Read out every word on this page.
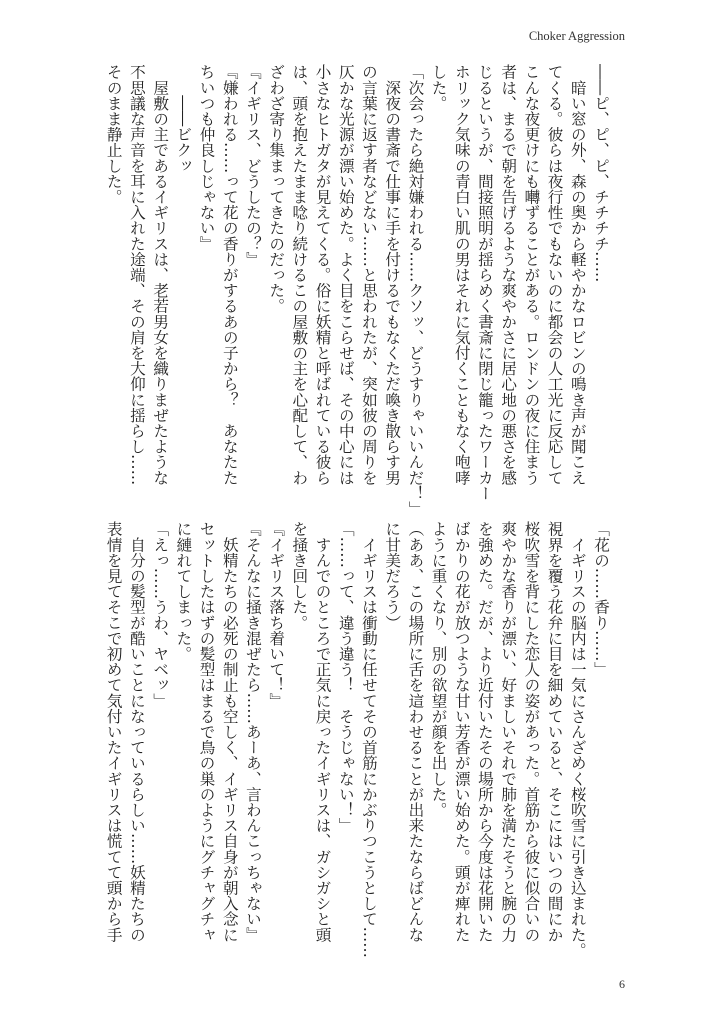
Choker Aggression
――ピ、ピ、ピ、チチチチ……
　暗い窓の外、森の奥から軽やかなロビンの鳴き声が聞こえ
てくる。彼らは夜行性でもないのに都会の人工光に反応して
こんな夜更けにも囀ずることがある。ロンドンの夜に住まう
者は、まるで朝を告げるような爽やかさに居心地の悪さを感
じるというが、間接照明が揺らめく書斎に閉じ籠ったワーカー
ホリック気味の青白い肌の男はそれに気付くこともなく咆哮
した。
「次会ったら絶対嫌われる……クソッ、どうすりゃいいんだ！」
　深夜の書斎で仕事に手を付けるでもなくただ喚き散らす男
の言葉に返す者などない……と思われたが、突如彼の周りを
仄かな光源が漂い始めた。よく目をこらせば、その中心には
小さなヒトガタが見えてくる。俗に妖精と呼ばれている彼ら
は、頭を抱えたまま唸り続けるこの屋敷の主を心配して、わ
ざわざ寄り集まってきたのだった。
『イギリス、どうしたの？』
『嫌われる……って花の香りがするあの子から？　あなたた
ちいつも仲良しじゃない』
　　――ビクッ
　屋敷の主であるイギリスは、老若男女を織りまぜたような
不思議な声音を耳に入れた途端、その肩を大仰に揺らし……
そのまま静止した。
「花の……香り……」
　イギリスの脳内は一気にさんざめく桜吹雪に引き込まれた。
視界を覆う花弁に目を細めていると、そこにはいつの間にか
桜吹雪を背にした恋人の姿があった。首筋から彼に似合いの
爽やかな香りが漂い、好ましいそれで肺を満たそうと腕の力
を強めた。だが、より近付いたその場所から今度は花開いた
ばかりの花が放つような甘い芳香が漂い始めた。頭が痺れた
ように重くなり、別の欲望が顔を出した。
（ああ、この場所に舌を這わせることが出来たならばどんな
に甘美だろう）
　イギリスは衝動に任せてその首筋にかぶりつこうとして……
「……って、違う違う！　そうじゃない！」
　すんでのところで正気に戻ったイギリスは、ガシガシと頭
を掻き回した。
『イギリス落ち着いて！』
『そんなに掻き混ぜたら……あーあ、言わんこっちゃない』
　妖精たちの必死の制止も空しく、イギリス自身が朝入念に
セットしたはずの髪型はまるで鳥の巣のようにグチャグチャ
に縺れてしまった。
「えっ……うわ、ヤベッ」
　自分の髪型が酷いことになっているらしい……妖精たちの
表情を見てそこで初めて気付いたイギリスは慌てて頭から手
6
